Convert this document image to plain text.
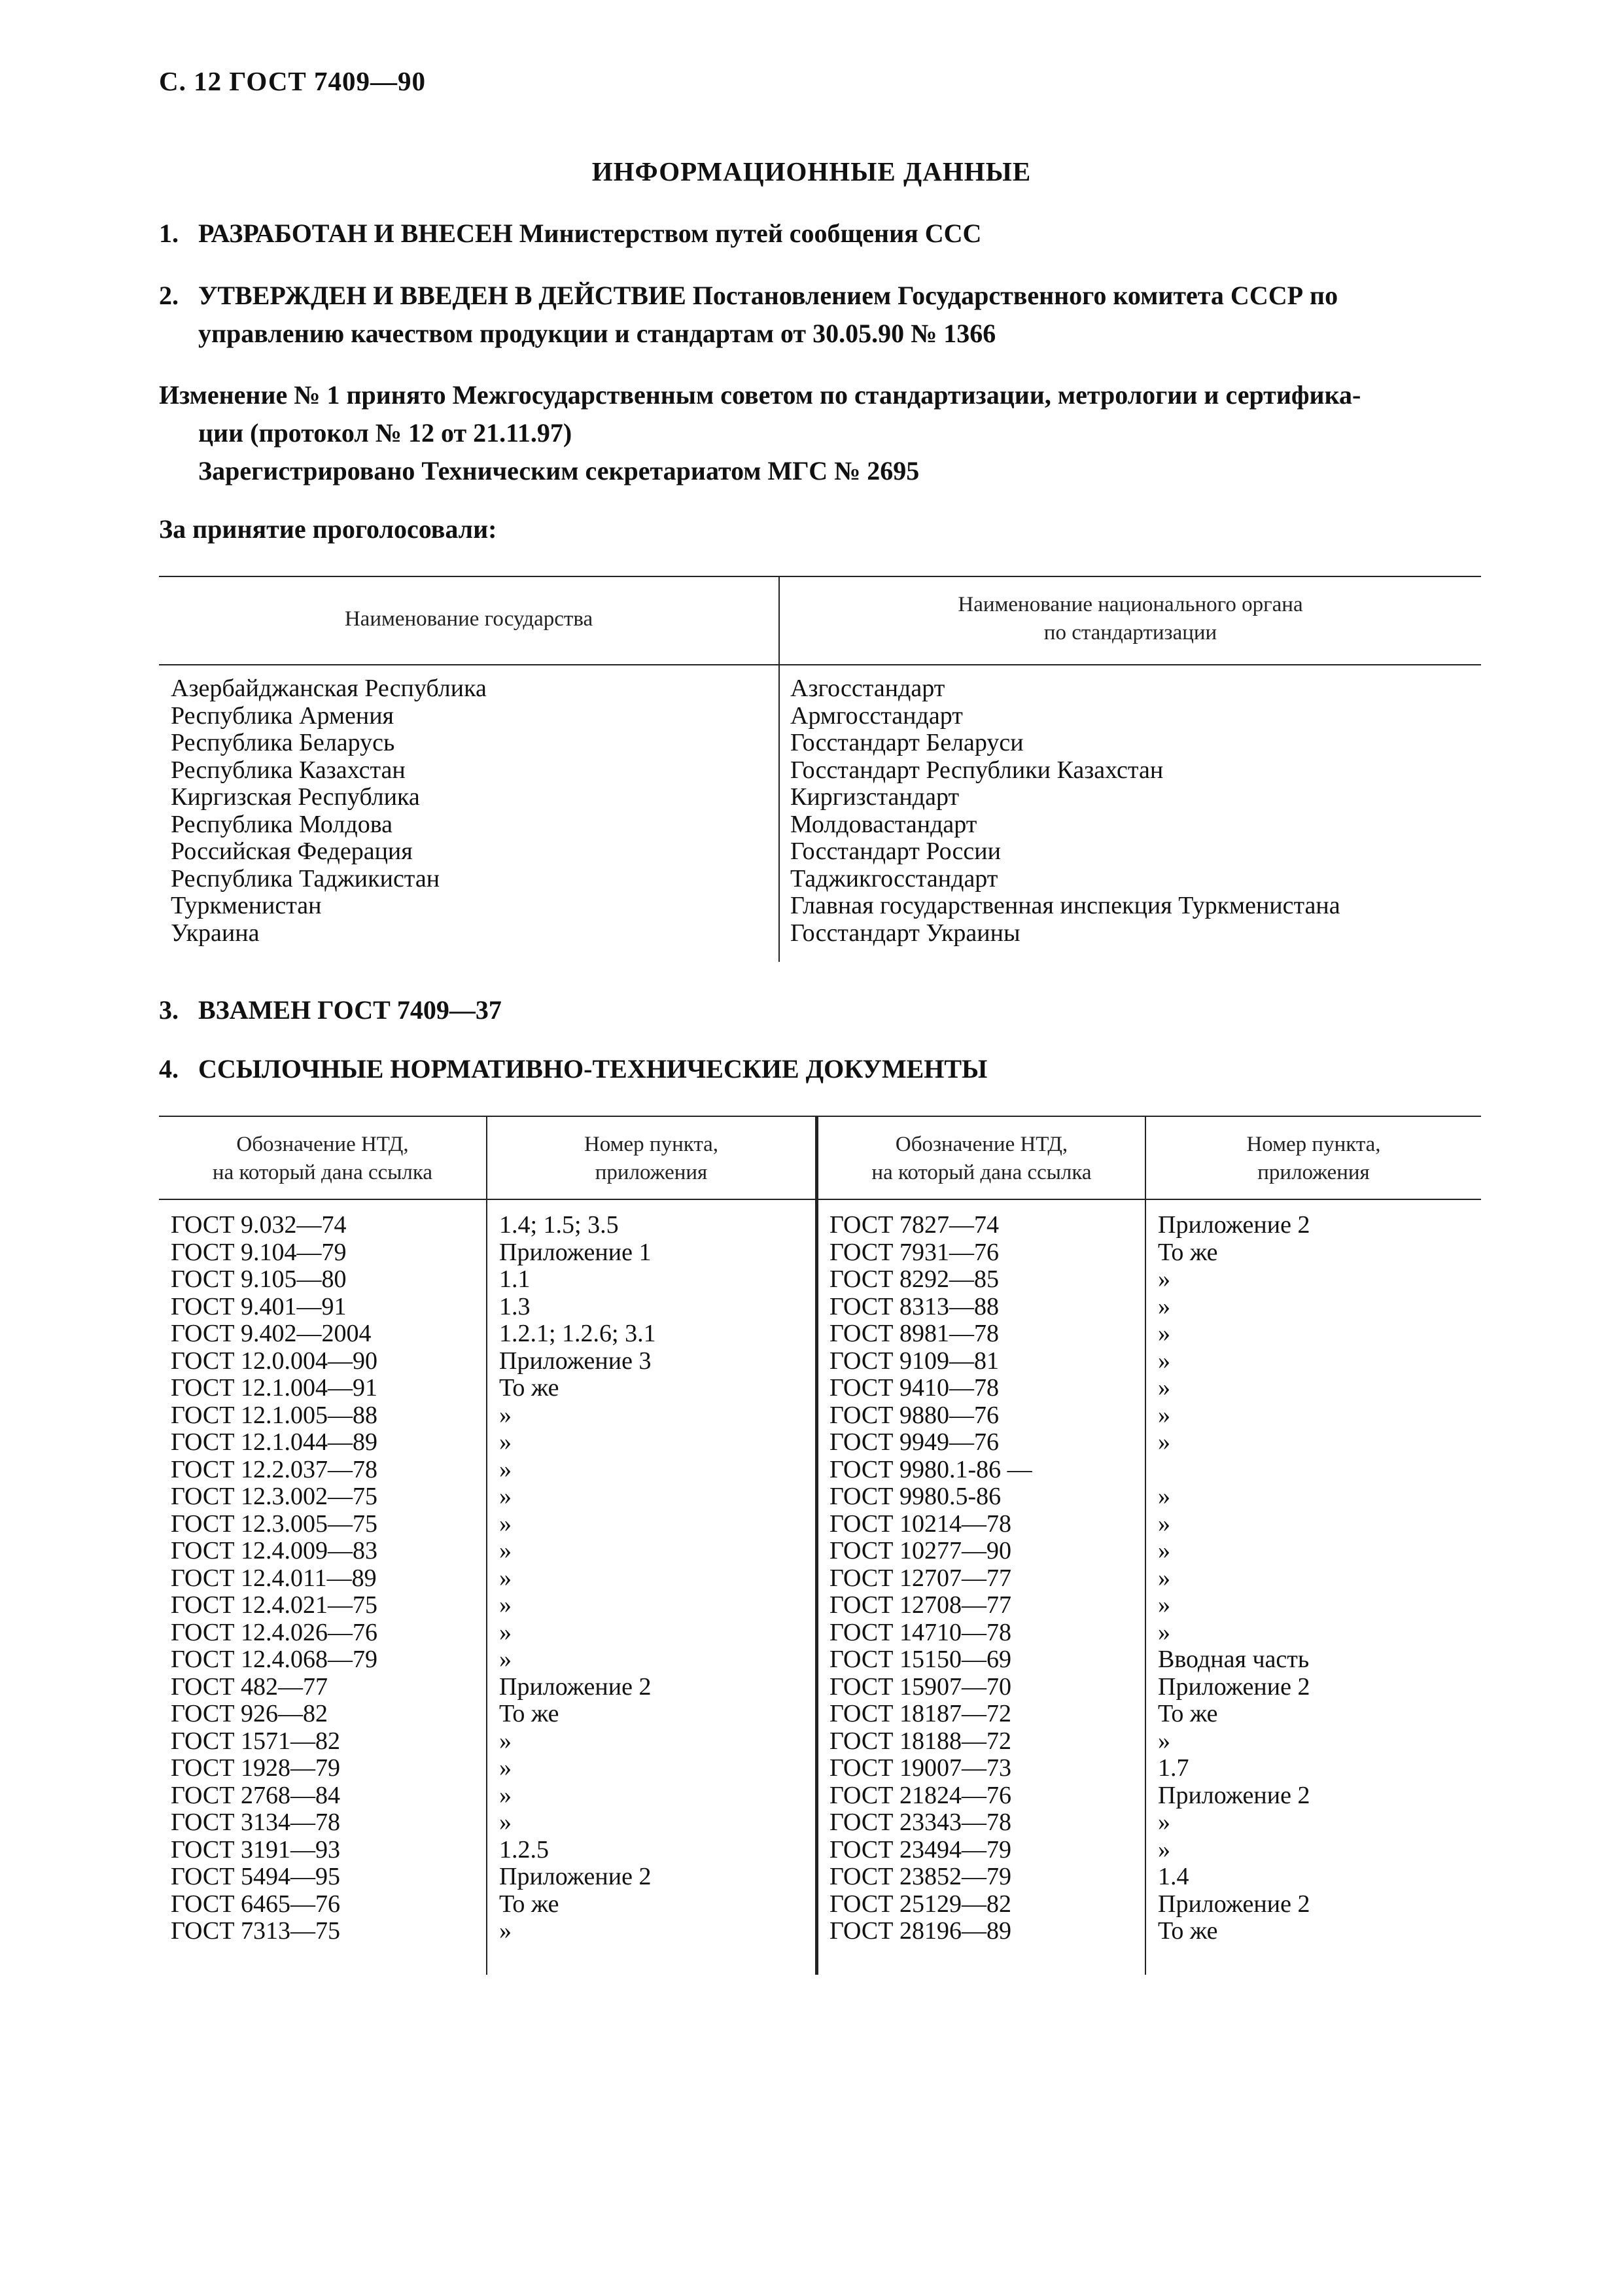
С. 12 ГОСТ 7409—90
ИНФОРМАЦИОННЫЕ ДАННЫЕ
1. РАЗРАБОТАН И ВНЕСЕН Министерством путей сообщения ССС
2. УТВЕРЖДЕН И ВВЕДЕН В ДЕЙСТВИЕ Постановлением Государственного комитета СССР по
управлению качеством продукции и стандартам от 30.05.90 № 1366
Изменение № 1 принято Межгосударственным советом по стандартизации, метрологии и сертифика-
ции (протокол № 12 от 21.11.97)
Зарегистрировано Техническим секретариатом МГС № 2695
За принятие проголосовали:
Наименование государства
Наименование национального органа
по стандартизации
Азербайджанская Республика
Республика Армения
Республика Беларусь
Республика Казахстан
Киргизская Республика
Республика Молдова
Российская Федерация
Республика Таджикистан
Туркменистан
Украина
Азгосстандарт
Армгосстандарт
Госстандарт Беларуси
Госстандарт Республики Казахстан
Киргизстандарт
Молдовастандарт
Госстандарт России
Таджикгосстандарт
Главная государственная инспекция Туркменистана
Госстандарт Украины
3. ВЗАМЕН ГОСТ 7409—37
4. ССЫЛОЧНЫЕ НОРМАТИВНО-ТЕХНИЧЕСКИЕ ДОКУМЕНТЫ
Обозначение НТД,
на который дана ссылка
Номер пункта,
приложения
Обозначение НТД,
на который дана ссылка
Номер пункта,
приложения
ГОСТ 9.032—74
ГОСТ 9.104—79
ГОСТ 9.105—80
ГОСТ 9.401—91
ГОСТ 9.402—2004
ГОСТ 12.0.004—90
ГОСТ 12.1.004—91
ГОСТ 12.1.005—88
ГОСТ 12.1.044—89
ГОСТ 12.2.037—78
ГОСТ 12.3.002—75
ГОСТ 12.3.005—75
ГОСТ 12.4.009—83
ГОСТ 12.4.011—89
ГОСТ 12.4.021—75
ГОСТ 12.4.026—76
ГОСТ 12.4.068—79
ГОСТ 482—77
ГОСТ 926—82
ГОСТ 1571—82
ГОСТ 1928—79
ГОСТ 2768—84
ГОСТ 3134—78
ГОСТ 3191—93
ГОСТ 5494—95
ГОСТ 6465—76
ГОСТ 7313—75
1.4; 1.5; 3.5
Приложение 1
1.1
1.3
1.2.1; 1.2.6; 3.1
Приложение 3
То же
»
»
»
»
»
»
»
»
»
»
Приложение 2
То же
»
»
»
»
1.2.5
Приложение 2
То же
»
ГОСТ 7827—74
ГОСТ 7931—76
ГОСТ 8292—85
ГОСТ 8313—88
ГОСТ 8981—78
ГОСТ 9109—81
ГОСТ 9410—78
ГОСТ 9880—76
ГОСТ 9949—76
ГОСТ 9980.1-86 —
ГОСТ 9980.5-86
ГОСТ 10214—78
ГОСТ 10277—90
ГОСТ 12707—77
ГОСТ 12708—77
ГОСТ 14710—78
ГОСТ 15150—69
ГОСТ 15907—70
ГОСТ 18187—72
ГОСТ 18188—72
ГОСТ 19007—73
ГОСТ 21824—76
ГОСТ 23343—78
ГОСТ 23494—79
ГОСТ 23852—79
ГОСТ 25129—82
ГОСТ 28196—89
Приложение 2
То же
»
»
»
»
»
»
»
»
»
»
»
»
»
Вводная часть
Приложение 2
То же
»
1.7
Приложение 2
»
»
1.4
Приложение 2
То же
